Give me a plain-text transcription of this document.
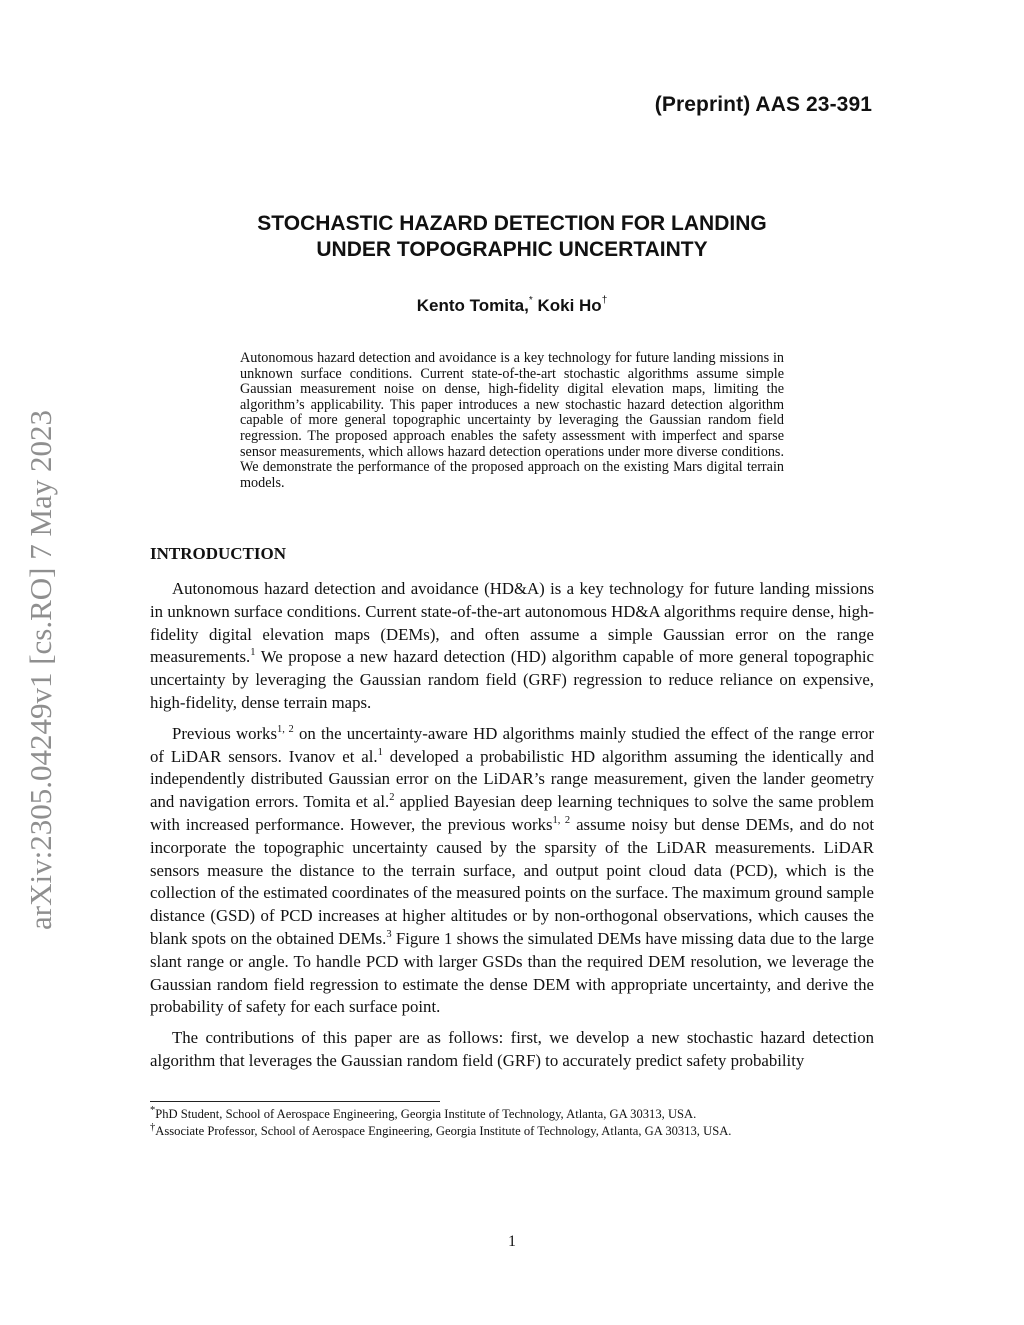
(Preprint) AAS 23-391
arXiv:2305.04249v1 [cs.RO] 7 May 2023
STOCHASTIC HAZARD DETECTION FOR LANDING
UNDER TOPOGRAPHIC UNCERTAINTY
Kento Tomita,* Koki Ho†

Autonomous hazard detection and avoidance is a key technology for future landing missions in unknown surface conditions. Current state-of-the-art stochastic algorithms assume simple Gaussian measurement noise on dense, high-fidelity digital elevation maps, limiting the algorithm’s applicability. This paper introduces a new stochastic hazard detection algorithm capable of more general topographic uncertainty by leveraging the Gaussian random field regression. The proposed approach enables the safety assessment with imperfect and sparse sensor measurements, which allows hazard detection operations under more diverse conditions. We demonstrate the performance of the proposed approach on the existing Mars digital terrain models.

INTRODUCTION

Autonomous hazard detection and avoidance (HD&A) is a key technology for future landing missions in unknown surface conditions. Current state-of-the-art autonomous HD&A algorithms require dense, high-fidelity digital elevation maps (DEMs), and often assume a simple Gaussian error on the range measurements.$^1$ We propose a new hazard detection (HD) algorithm capable of more general topographic uncertainty by leveraging the Gaussian random field (GRF) regression to reduce reliance on expensive, high-fidelity, dense terrain maps.

Previous works$^{1, 2}$ on the uncertainty-aware HD algorithms mainly studied the effect of the range error of LiDAR sensors. Ivanov et al.$^1$ developed a probabilistic HD algorithm assuming the identically and independently distributed Gaussian error on the LiDAR’s range measurement, given the lander geometry and navigation errors. Tomita et al.$^2$ applied Bayesian deep learning techniques to solve the same problem with increased performance. However, the previous works$^{1, 2}$ assume noisy but dense DEMs, and do not incorporate the topographic uncertainty caused by the sparsity of the LiDAR measurements. LiDAR sensors measure the distance to the terrain surface, and output point cloud data (PCD), which is the collection of the estimated coordinates of the measured points on the surface. The maximum ground sample distance (GSD) of PCD increases at higher altitudes or by non-orthogonal observations, which causes the blank spots on the obtained DEMs.$^3$ Figure 1 shows the simulated DEMs have missing data due to the large slant range or angle. To handle PCD with larger GSDs than the required DEM resolution, we leverage the Gaussian random field regression to estimate the dense DEM with appropriate uncertainty, and derive the probability of safety for each surface point.

The contributions of this paper are as follows: first, we develop a new stochastic hazard detection algorithm that leverages the Gaussian random field (GRF) to accurately predict safety probability

*PhD Student, School of Aerospace Engineering, Georgia Institute of Technology, Atlanta, GA 30313, USA.

†Associate Professor, School of Aerospace Engineering, Georgia Institute of Technology, Atlanta, GA 30313, USA.

1
